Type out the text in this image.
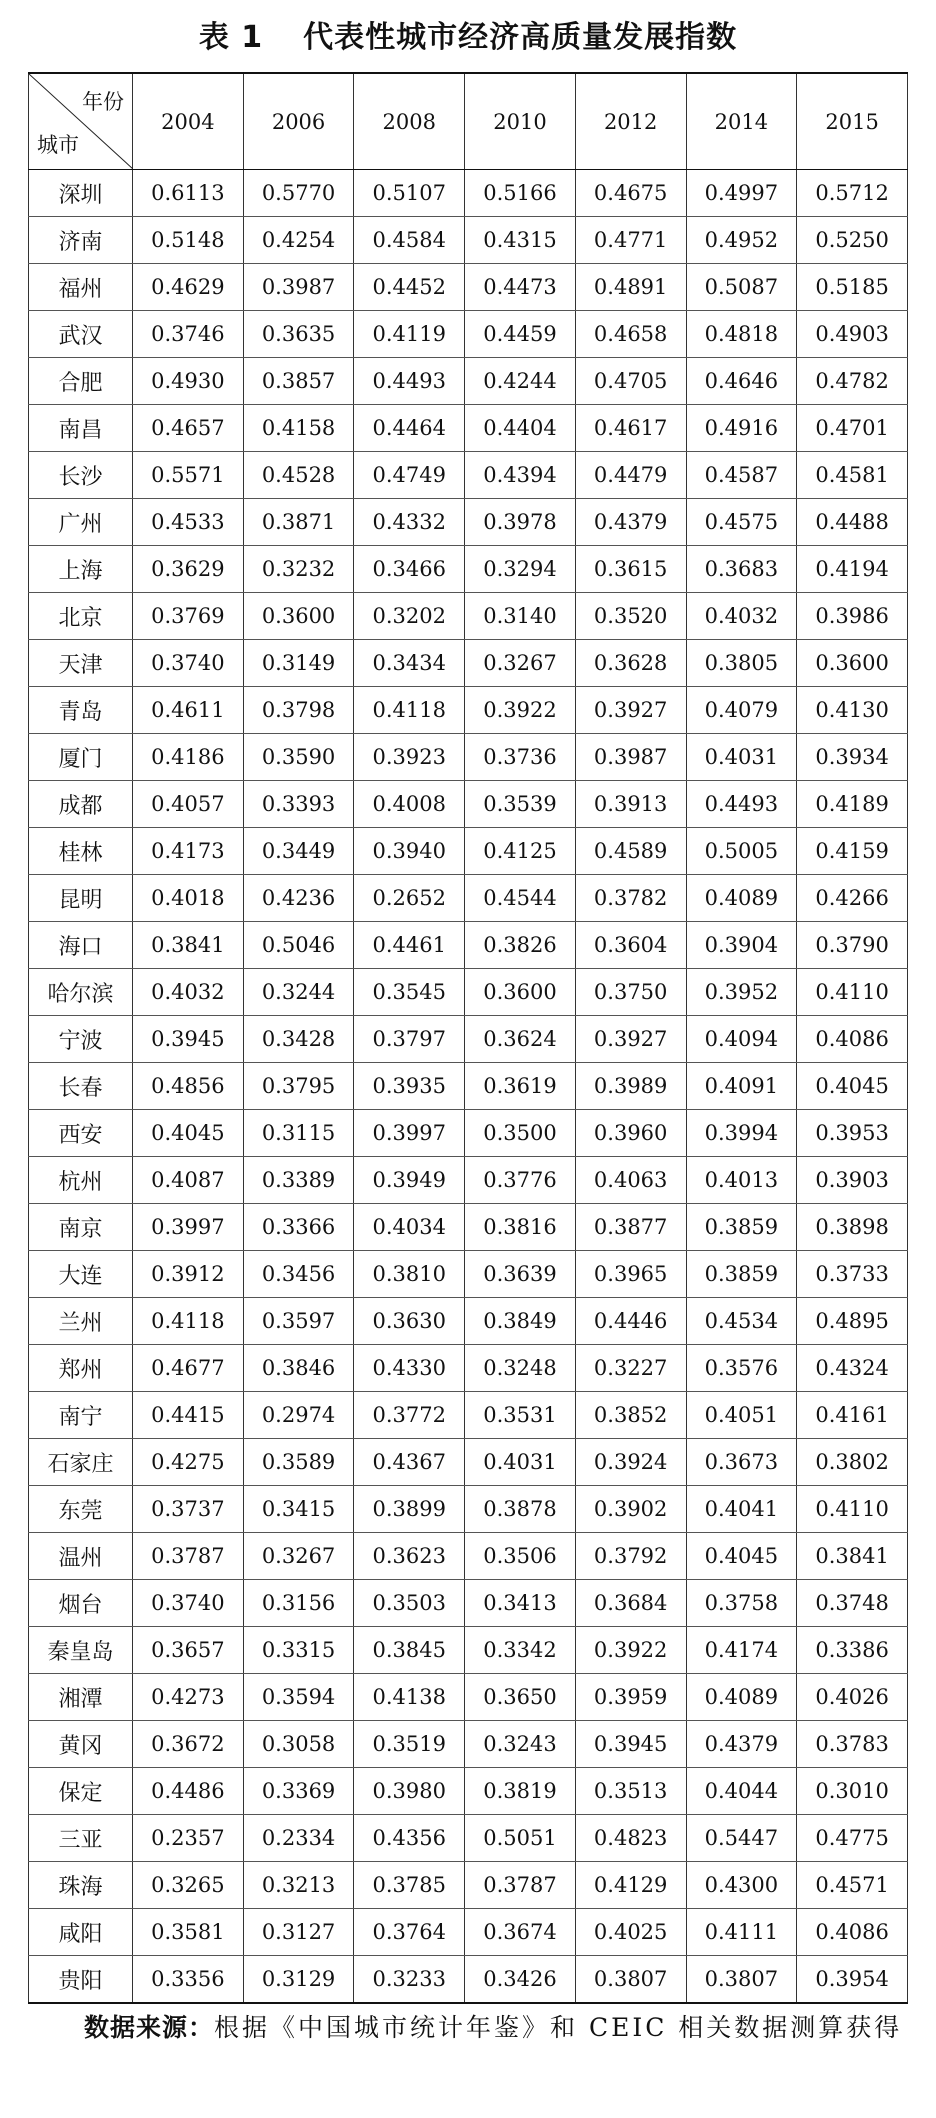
表 1 代表性城市经济高质量发展指数
年份
城市	2004	2006	2008	2010	2012	2014	2015
深圳	0.6113	0.5770	0.5107	0.5166	0.4675	0.4997	0.5712
济南	0.5148	0.4254	0.4584	0.4315	0.4771	0.4952	0.5250
福州	0.4629	0.3987	0.4452	0.4473	0.4891	0.5087	0.5185
武汉	0.3746	0.3635	0.4119	0.4459	0.4658	0.4818	0.4903
合肥	0.4930	0.3857	0.4493	0.4244	0.4705	0.4646	0.4782
南昌	0.4657	0.4158	0.4464	0.4404	0.4617	0.4916	0.4701
长沙	0.5571	0.4528	0.4749	0.4394	0.4479	0.4587	0.4581
广州	0.4533	0.3871	0.4332	0.3978	0.4379	0.4575	0.4488
上海	0.3629	0.3232	0.3466	0.3294	0.3615	0.3683	0.4194
北京	0.3769	0.3600	0.3202	0.3140	0.3520	0.4032	0.3986
天津	0.3740	0.3149	0.3434	0.3267	0.3628	0.3805	0.3600
青岛	0.4611	0.3798	0.4118	0.3922	0.3927	0.4079	0.4130
厦门	0.4186	0.3590	0.3923	0.3736	0.3987	0.4031	0.3934
成都	0.4057	0.3393	0.4008	0.3539	0.3913	0.4493	0.4189
桂林	0.4173	0.3449	0.3940	0.4125	0.4589	0.5005	0.4159
昆明	0.4018	0.4236	0.2652	0.4544	0.3782	0.4089	0.4266
海口	0.3841	0.5046	0.4461	0.3826	0.3604	0.3904	0.3790
哈尔滨	0.4032	0.3244	0.3545	0.3600	0.3750	0.3952	0.4110
宁波	0.3945	0.3428	0.3797	0.3624	0.3927	0.4094	0.4086
长春	0.4856	0.3795	0.3935	0.3619	0.3989	0.4091	0.4045
西安	0.4045	0.3115	0.3997	0.3500	0.3960	0.3994	0.3953
杭州	0.4087	0.3389	0.3949	0.3776	0.4063	0.4013	0.3903
南京	0.3997	0.3366	0.4034	0.3816	0.3877	0.3859	0.3898
大连	0.3912	0.3456	0.3810	0.3639	0.3965	0.3859	0.3733
兰州	0.4118	0.3597	0.3630	0.3849	0.4446	0.4534	0.4895
郑州	0.4677	0.3846	0.4330	0.3248	0.3227	0.3576	0.4324
南宁	0.4415	0.2974	0.3772	0.3531	0.3852	0.4051	0.4161
石家庄	0.4275	0.3589	0.4367	0.4031	0.3924	0.3673	0.3802
东莞	0.3737	0.3415	0.3899	0.3878	0.3902	0.4041	0.4110
温州	0.3787	0.3267	0.3623	0.3506	0.3792	0.4045	0.3841
烟台	0.3740	0.3156	0.3503	0.3413	0.3684	0.3758	0.3748
秦皇岛	0.3657	0.3315	0.3845	0.3342	0.3922	0.4174	0.3386
湘潭	0.4273	0.3594	0.4138	0.3650	0.3959	0.4089	0.4026
黄冈	0.3672	0.3058	0.3519	0.3243	0.3945	0.4379	0.3783
保定	0.4486	0.3369	0.3980	0.3819	0.3513	0.4044	0.3010
三亚	0.2357	0.2334	0.4356	0.5051	0.4823	0.5447	0.4775
珠海	0.3265	0.3213	0.3785	0.3787	0.4129	0.4300	0.4571
咸阳	0.3581	0.3127	0.3764	0.3674	0.4025	0.4111	0.4086
贵阳	0.3356	0.3129	0.3233	0.3426	0.3807	0.3807	0.3954
数据来源：根据《中国城市统计年鉴》和 CEIC 相关数据测算获得
